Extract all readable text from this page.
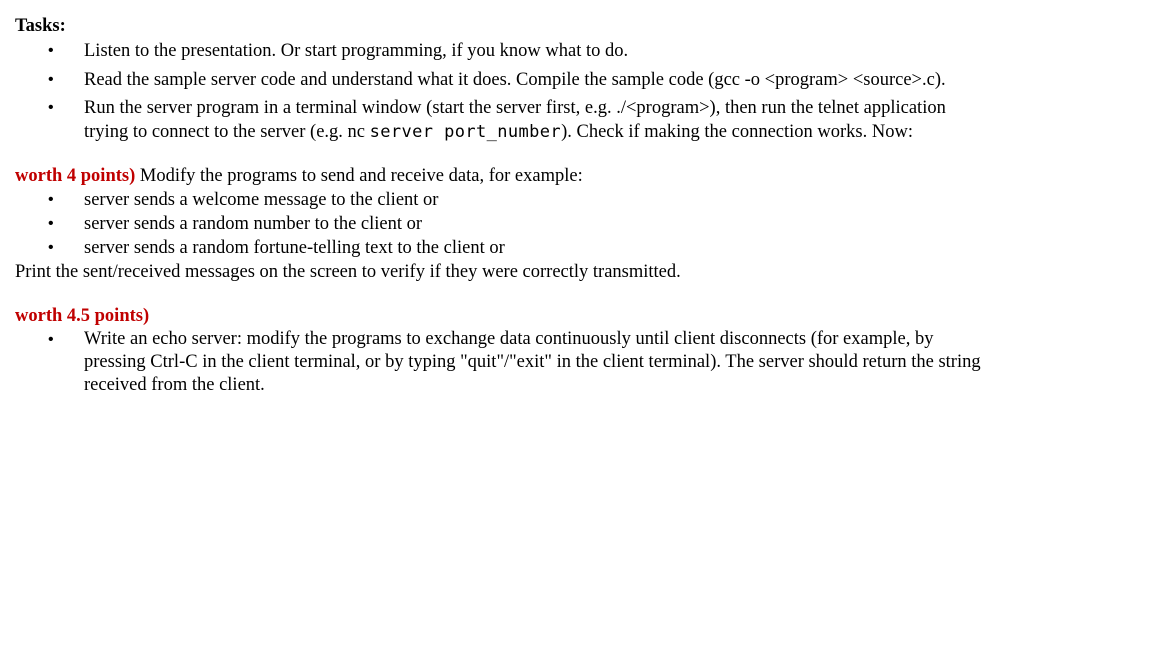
Tasks:
• Listen to the presentation. Or start programming, if you know what to do.
• Read the sample server code and understand what it does. Compile the sample code (gcc -o <program> <source>.c).
• Run the server program in a terminal window (start the server first, e.g. ./<program>), then run the telnet application
trying to connect to the server (e.g. nc server port_number). Check if making the connection works. Now:
worth 4 points) Modify the programs to send and receive data, for example:
• server sends a welcome message to the client or
• server sends a random number to the client or
• server sends a random fortune-telling text to the client or
Print the sent/received messages on the screen to verify if they were correctly transmitted.
worth 4.5 points)
• Write an echo server: modify the programs to exchange data continuously until client disconnects (for example, by
pressing Ctrl-C in the client terminal, or by typing "quit"/"exit" in the client terminal). The server should return the string
received from the client.
